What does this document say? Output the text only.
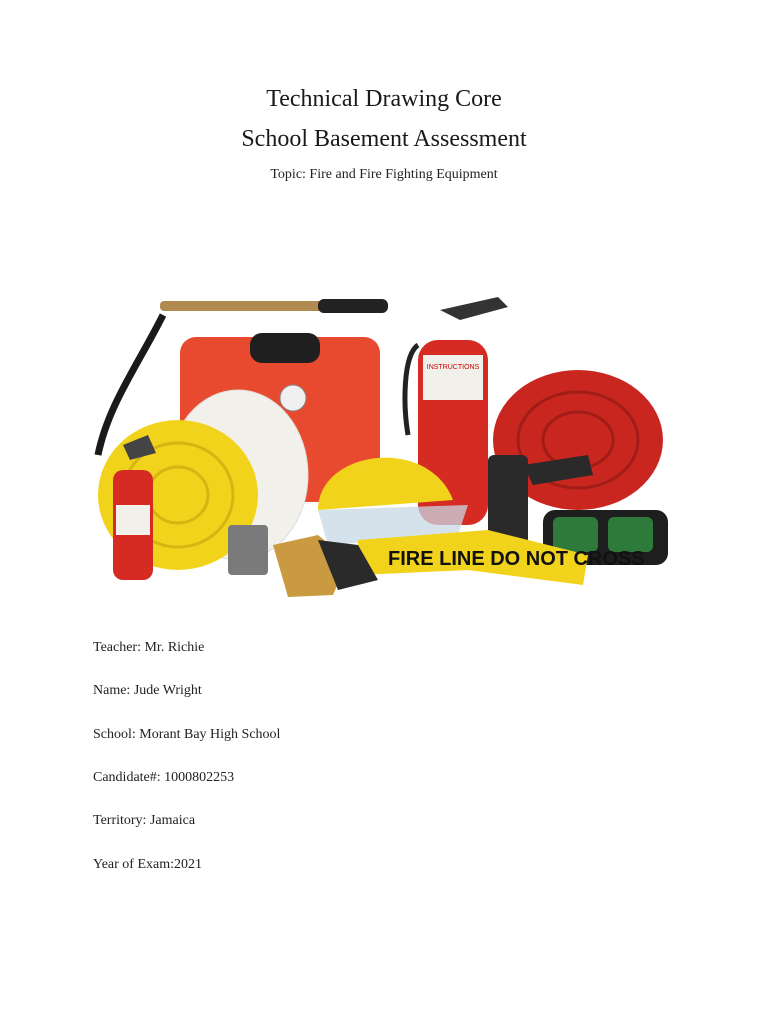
Technical Drawing Core
School Basement Assessment
Topic: Fire and Fire Fighting Equipment
INSTRUCTIONS
FIRE LINE DO NOT CROSS
Teacher: Mr. Richie
Name: Jude Wright
School: Morant Bay High School
Candidate#: 1000802253
Territory: Jamaica
Year of Exam:2021
